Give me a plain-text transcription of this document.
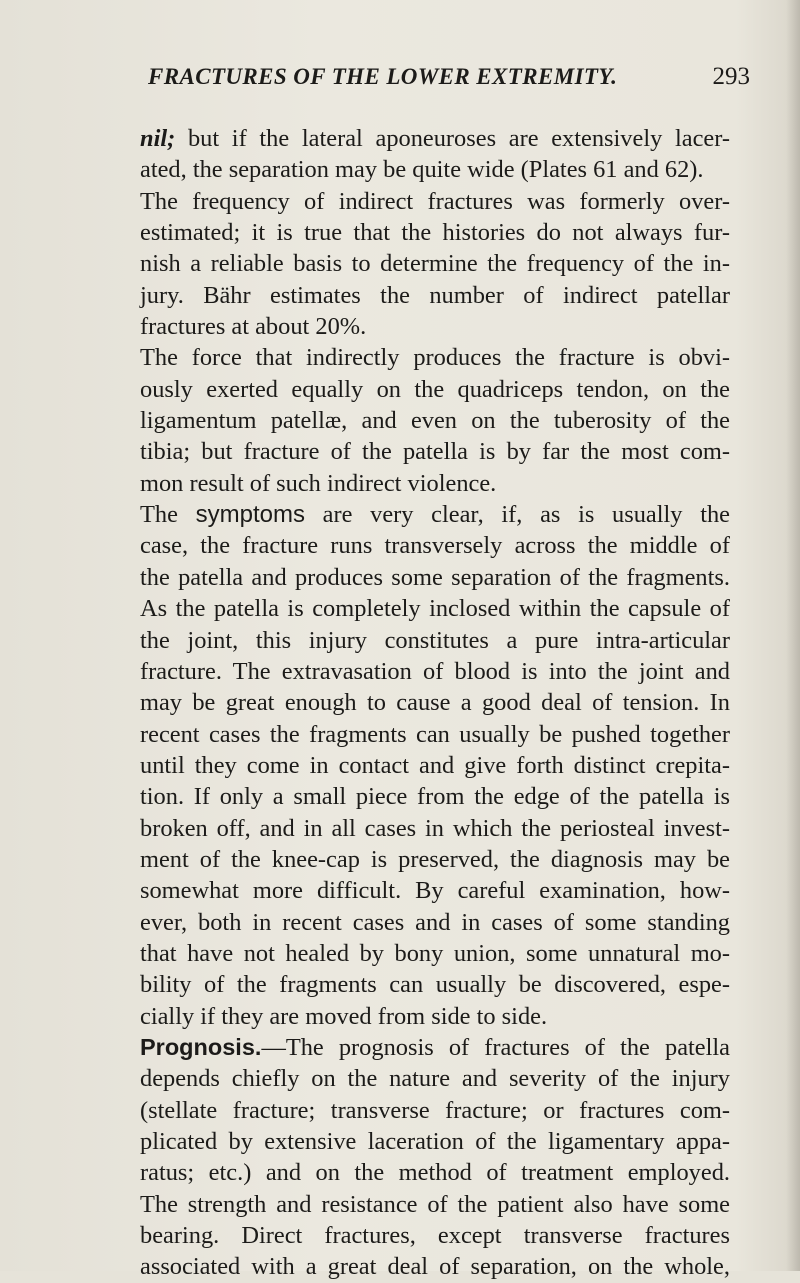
FRACTURES OF THE LOWER EXTREMITY.	293
nil; but if the lateral aponeuroses are extensively lacer-
ated, the separation may be quite wide (Plates 61 and 62).
The frequency of indirect fractures was formerly over-
estimated; it is true that the histories do not always fur-
nish a reliable basis to determine the frequency of the in-
jury. Bähr estimates the number of indirect patellar
fractures at about 20%.
The force that indirectly produces the fracture is obvi-
ously exerted equally on the quadriceps tendon, on the
ligamentum patellæ, and even on the tuberosity of the
tibia; but fracture of the patella is by far the most com-
mon result of such indirect violence.
The symptoms are very clear, if, as is usually the
case, the fracture runs transversely across the middle of
the patella and produces some separation of the fragments.
As the patella is completely inclosed within the capsule of
the joint, this injury constitutes a pure intra-articular
fracture. The extravasation of blood is into the joint and
may be great enough to cause a good deal of tension. In
recent cases the fragments can usually be pushed together
until they come in contact and give forth distinct crepita-
tion. If only a small piece from the edge of the patella is
broken off, and in all cases in which the periosteal invest-
ment of the knee-cap is preserved, the diagnosis may be
somewhat more difficult. By careful examination, how-
ever, both in recent cases and in cases of some standing
that have not healed by bony union, some unnatural mo-
bility of the fragments can usually be discovered, espe-
cially if they are moved from side to side.
Prognosis.—The prognosis of fractures of the patella
depends chiefly on the nature and severity of the injury
(stellate fracture; transverse fracture; or fractures com-
plicated by extensive laceration of the ligamentary appa-
ratus; etc.) and on the method of treatment employed.
The strength and resistance of the patient also have some
bearing. Direct fractures, except transverse fractures
associated with a great deal of separation, on the whole,
